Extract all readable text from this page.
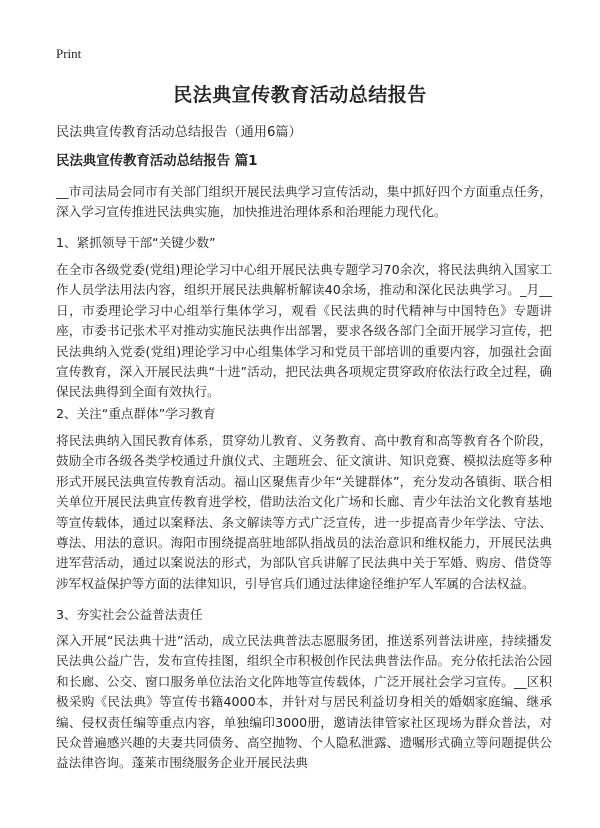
Print
民法典宣传教育活动总结报告
民法典宣传教育活动总结报告（通用6篇）
民法典宣传教育活动总结报告 篇1

__市司法局会同市有关部门组织开展民法典学习宣传活动，集中抓好四个方面重点任务，深入学习宣传推进民法典实施，加快推进治理体系和治理能力现代化。

1、紧抓领导干部“关键少数”

在全市各级党委(党组)理论学习中心组开展民法典专题学习70余次，将民法典纳入国家工作人员学法用法内容，组织开展民法典解析解读40余场，推动和深化民法典学习。_月__日，市委理论学习中心组举行集体学习，观看《民法典的时代精神与中国特色》专题讲座，市委书记张术平对推动实施民法典作出部署，要求各级各部门全面开展学习宣传，把民法典纳入党委(党组)理论学习中心组集体学习和党员干部培训的重要内容，加强社会面宣传教育，深入开展民法典“十进”活动，把民法典各项规定贯穿政府依法行政全过程，确保民法典得到全面有效执行。

2、关注“重点群体”学习教育

将民法典纳入国民教育体系，贯穿幼儿教育、义务教育、高中教育和高等教育各个阶段，鼓励全市各级各类学校通过升旗仪式、主题班会、征文演讲、知识竞赛、模拟法庭等多种形式开展民法典宣传教育活动。福山区聚焦青少年“关键群体”，充分发动各镇街、联合相关单位开展民法典宣传教育进学校，借助法治文化广场和长廊、青少年法治文化教育基地等宣传载体，通过以案释法、条文解读等方式广泛宣传，进一步提高青少年学法、守法、尊法、用法的意识。海阳市围绕提高驻地部队指战员的法治意识和维权能力，开展民法典进军营活动，通过以案说法的形式，为部队官兵讲解了民法典中关于军婚、购房、借贷等涉军权益保护等方面的法律知识，引导官兵们通过法律途径维护军人军属的合法权益。

3、夯实社会公益普法责任

深入开展“民法典十进”活动，成立民法典普法志愿服务团，推送系列普法讲座，持续播发民法典公益广告，发布宣传挂图，组织全市积极创作民法典普法作品。充分依托法治公园和长廊、公交、窗口服务单位法治文化阵地等宣传载体，广泛开展社会学习宣传。__区积极采购《民法典》等宣传书籍4000本，并针对与居民利益切身相关的婚姻家庭编、继承编、侵权责任编等重点内容，单独编印3000册，邀请法律管家社区现场为群众普法，对民众普遍感兴趣的夫妻共同债务、高空抛物、个人隐私泄露、遗嘱形式确立等问题提供公益法律咨询。蓬莱市围绕服务企业开展民法典
